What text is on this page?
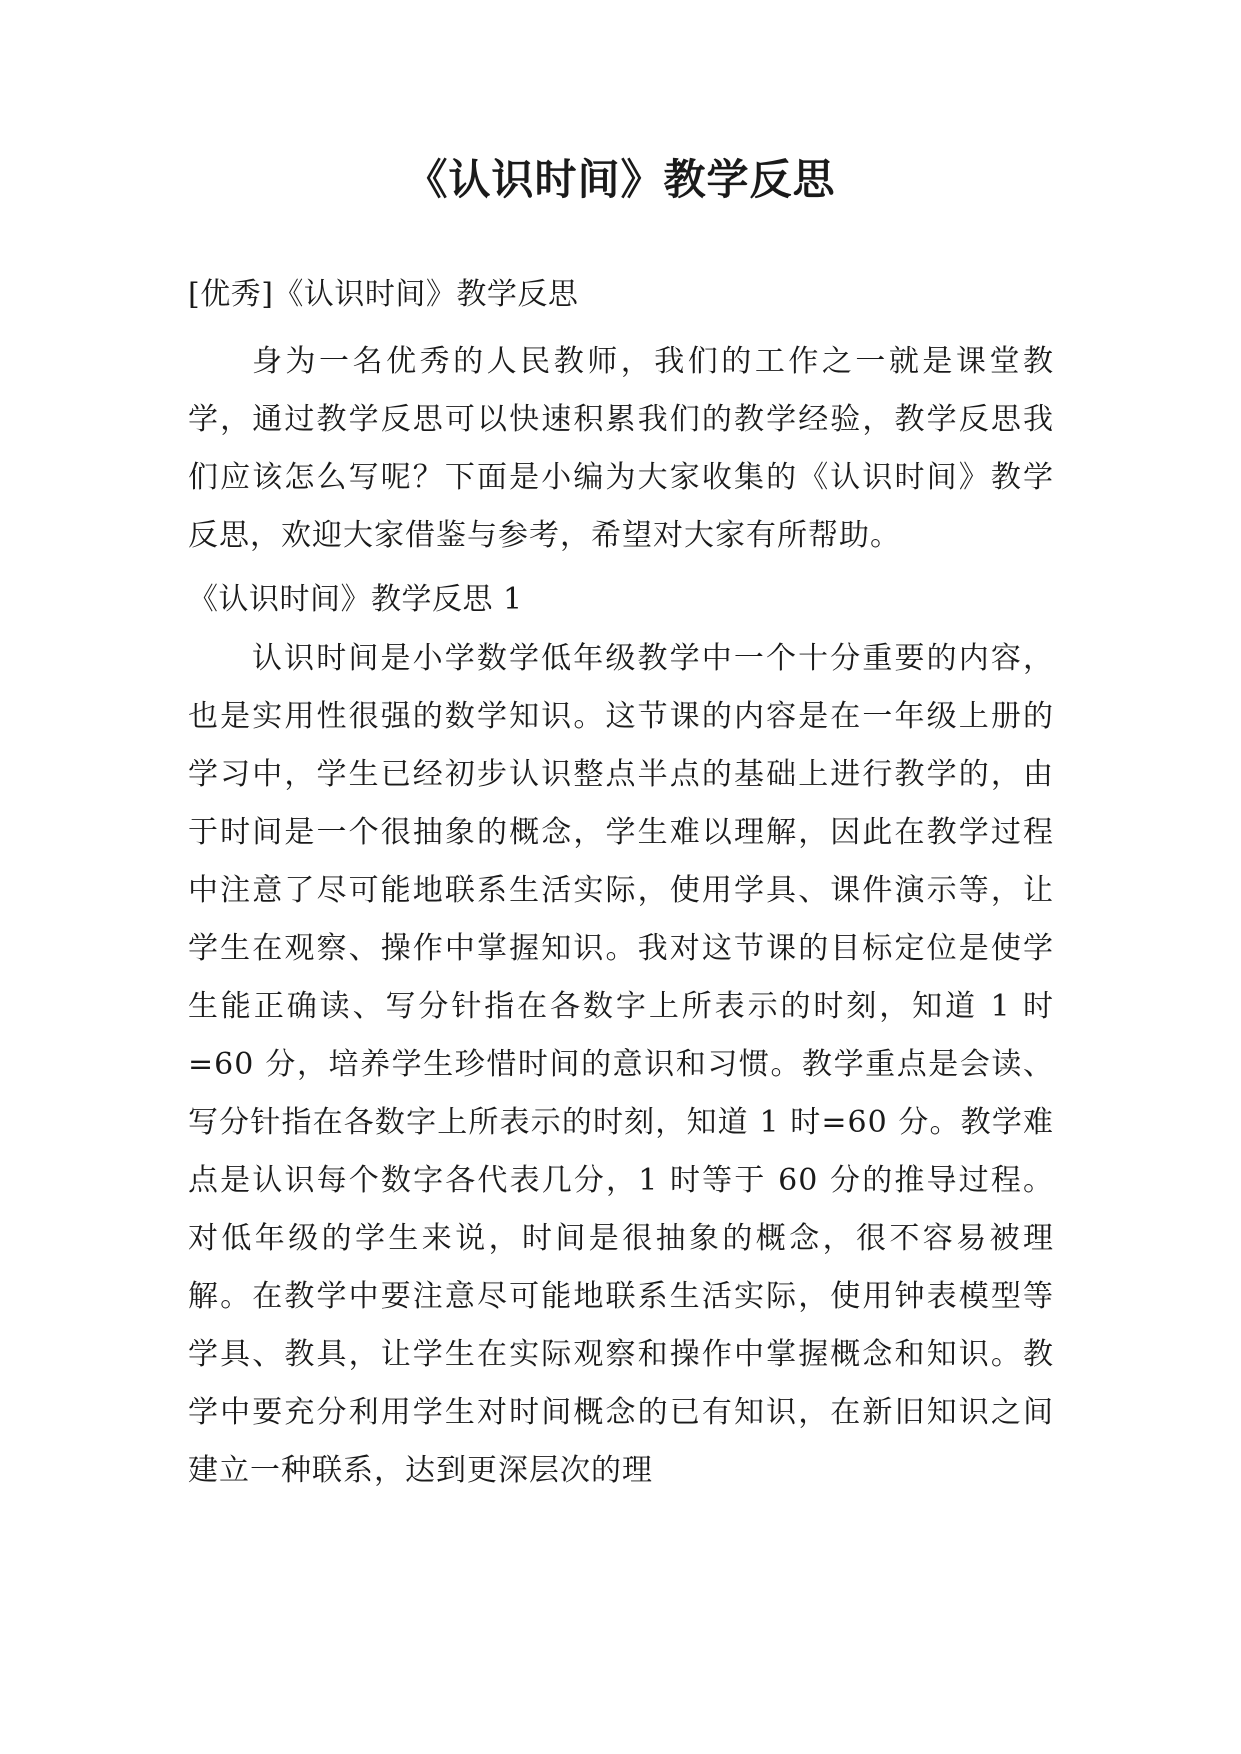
《认识时间》教学反思
[优秀]《认识时间》教学反思

身为一名优秀的人民教师，我们的工作之一就是课堂教学，通过教学反思可以快速积累我们的教学经验，教学反思我们应该怎么写呢？下面是小编为大家收集的《认识时间》教学反思，欢迎大家借鉴与参考，希望对大家有所帮助。

《认识时间》教学反思 1

认识时间是小学数学低年级教学中一个十分重要的内容，也是实用性很强的数学知识。这节课的内容是在一年级上册的学习中，学生已经初步认识整点半点的基础上进行教学的，由于时间是一个很抽象的概念，学生难以理解，因此在教学过程中注意了尽可能地联系生活实际，使用学具、课件演示等，让学生在观察、操作中掌握知识。我对这节课的目标定位是使学生能正确读、写分针指在各数字上所表示的时刻，知道 1 时=60 分，培养学生珍惜时间的意识和习惯。教学重点是会读、写分针指在各数字上所表示的时刻，知道 1 时=60 分。教学难点是认识每个数字各代表几分，1 时等于 60 分的推导过程。对低年级的学生来说，时间是很抽象的概念，很不容易被理解。在教学中要注意尽可能地联系生活实际，使用钟表模型等学具、教具，让学生在实际观察和操作中掌握概念和知识。教学中要充分利用学生对时间概念的已有知识，在新旧知识之间建立一种联系，达到更深层次的理
